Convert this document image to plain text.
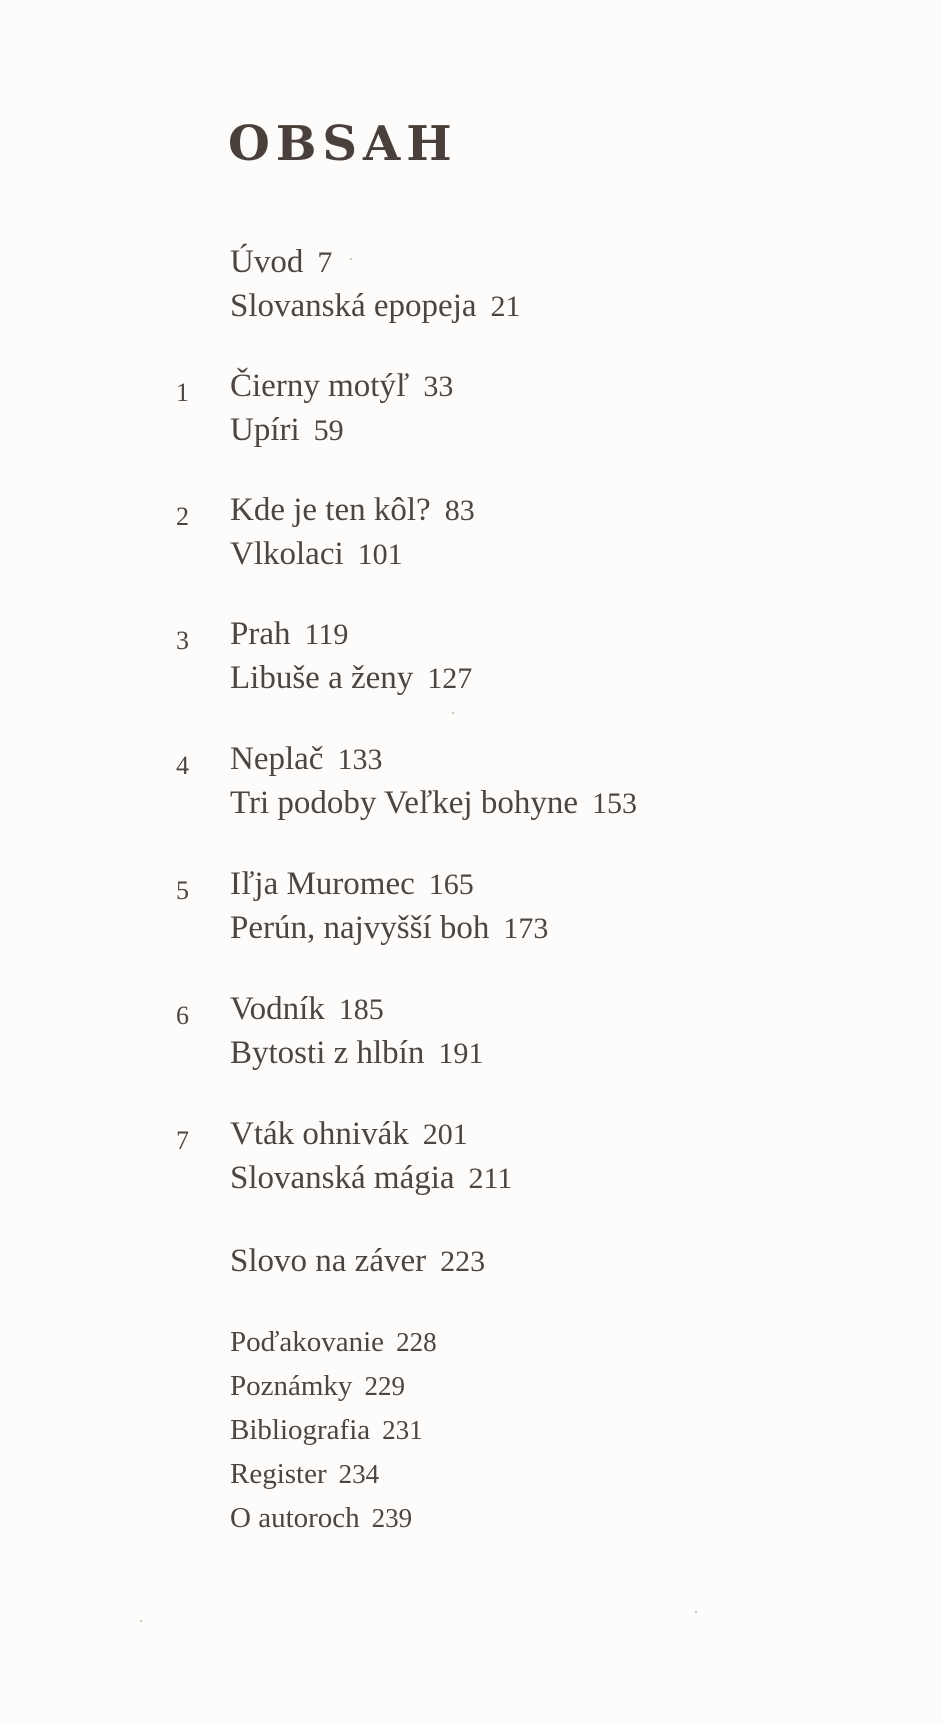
OBSAH
Úvod 7
Slovanská epopeja 21
1	Čierny motýľ 33
Upíri 59
2	Kde je ten kôl? 83
Vlkolaci 101
3	Prah 119
Libuše a ženy 127
4	Neplač 133
Tri podoby Veľkej bohyne 153
5	Iľja Muromec 165
Perún, najvyšší boh 173
6	Vodník 185
Bytosti z hlbín 191
7	Vták ohnivák 201
Slovanská mágia 211
Slovo na záver 223
Poďakovanie 228
Poznámky 229
Bibliografia 231
Register 234
O autoroch 239
